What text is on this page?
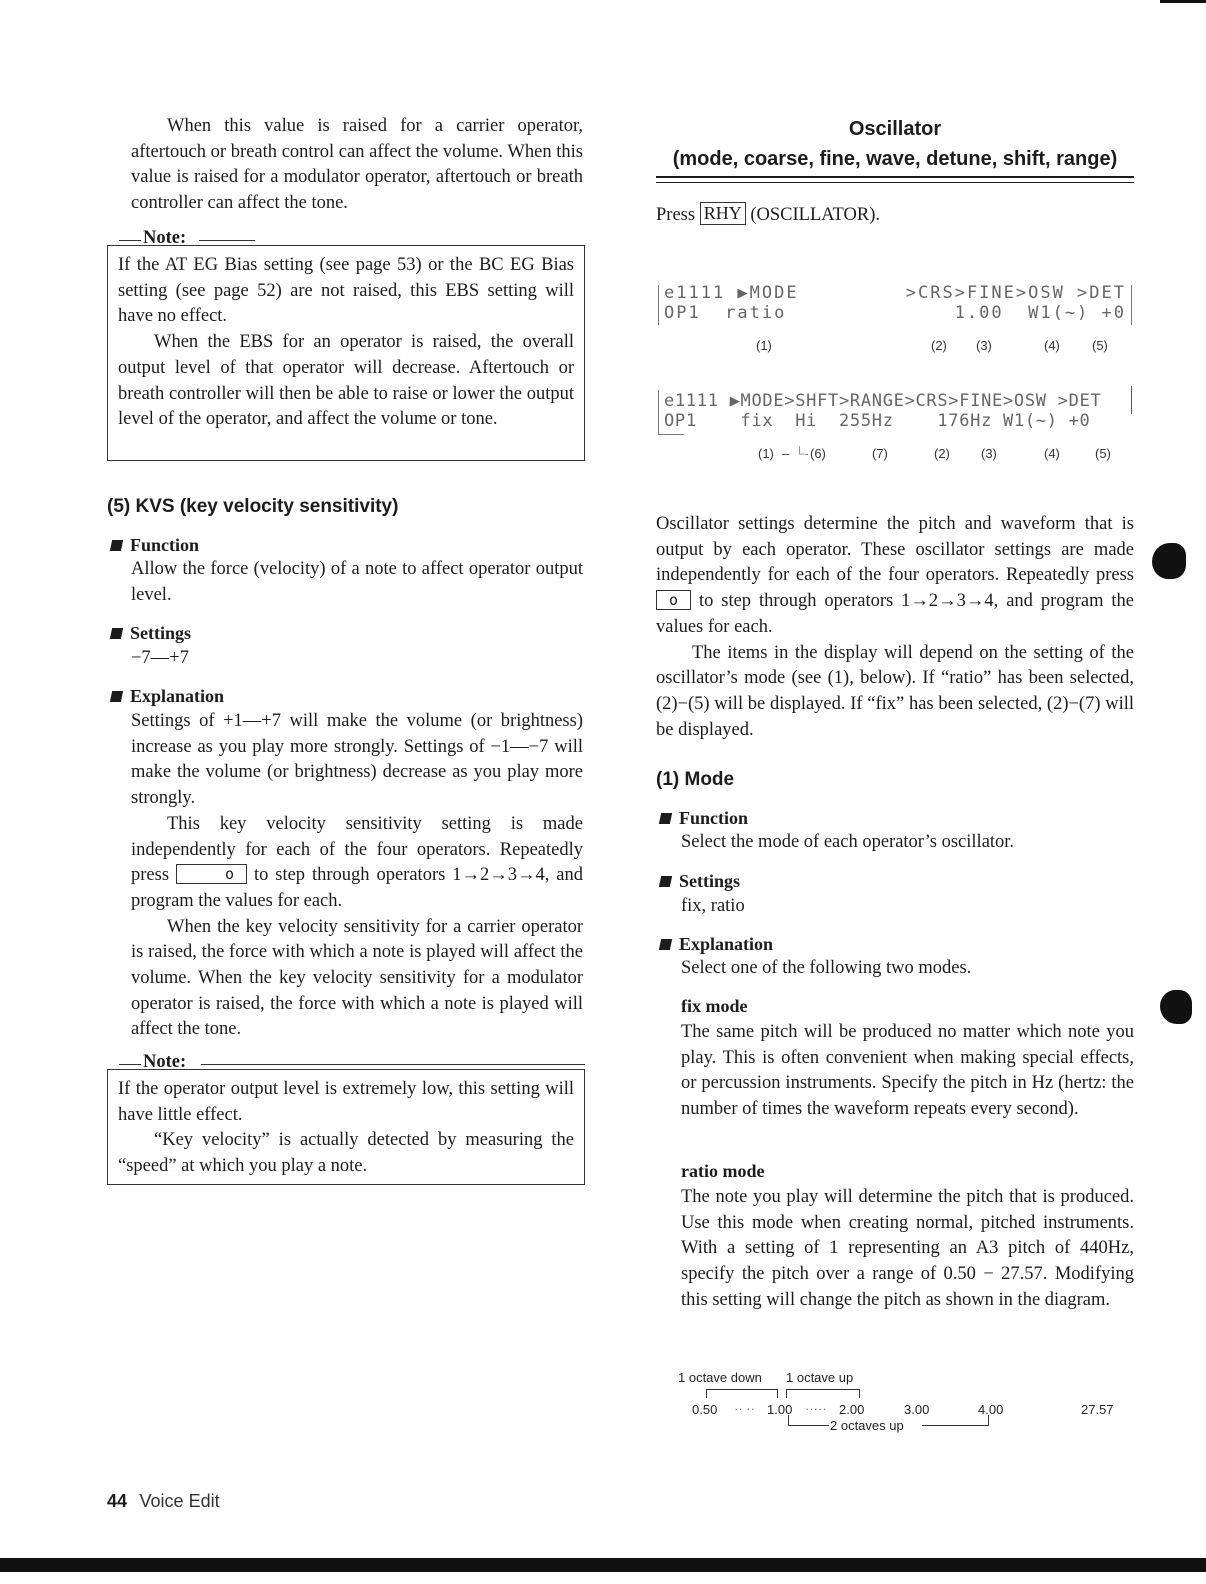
When this value is raised for a carrier operator, aftertouch or breath control can affect the volume. When this value is raised for a modulator operator, aftertouch or breath controller can affect the tone.

Note:

If the AT EG Bias setting (see page 53) or the BC EG Bias setting (see page 52) are not raised, this EBS setting will have no effect.

When the EBS for an operator is raised, the overall output level of that operator will decrease. Aftertouch or breath controller will then be able to raise or lower the output level of the operator, and affect the volume or tone.

(5) KVS (key velocity sensitivity)
Function

Allow the force (velocity) of a note to affect operator output level.

Settings

−7—+7

Explanation

Settings of +1—+7 will make the volume (or brightness) increase as you play more strongly. Settings of −1—−7 will make the volume (or brightness) decrease as you play more strongly.

This key velocity sensitivity setting is made independently for each of the four operators. Repeatedly press	o to step through operators 1→2→3→4, and program the values for each.

When the key velocity sensitivity for a carrier operator is raised, the force with which a note is played will affect the volume. When the key velocity sensitivity for a modulator operator is raised, the force with which a note is played will affect the tone.

Note:

If the operator output level is extremely low, this setting will have little effect.

“Key velocity” is actually detected by measuring the “speed” at which you play a note.

Oscillator
(mode, coarse, fine, wave, detune, shift, range)

Press RHY (OSCILLATOR).

e1111 ▶MODE	>CRS>FINE>OSW >DET
OP1  ratio	1.00  W1(~) +0
(1)	(2) (3)	(4) (5)
e1111 ▶MODE>SHFT>RANGE>CRS>FINE>OSW >DET
OP1    fix  Hi  255Hz    176Hz W1(~) +0
(1) – └- (6)	(7)	(2) (3)	(4)	(5)

Oscillator settings determine the pitch and waveform that is output by each operator. These oscillator settings are made independently for each of the four operators. Repeatedly press o to step through operators 1→2→3→4, and program the values for each.

The items in the display will depend on the setting of the oscillator’s mode (see (1), below). If “ratio” has been selected, (2)−(5) will be displayed. If “fix” has been selected, (2)−(7) will be displayed.

(1) Mode
Function

Select the mode of each operator’s oscillator.

Settings

fix, ratio

Explanation

Select one of the following two modes.

fix mode

The same pitch will be produced no matter which note you play. This is often convenient when making special effects, or percussion instruments. Specify the pitch in Hz (hertz: the number of times the waveform repeats every second).

ratio mode

The note you play will determine the pitch that is produced. Use this mode when creating normal, pitched instruments. With a setting of 1 representing an A3 pitch of 440Hz, specify the pitch over a range of 0.50 − 27.57. Modifying this setting will change the pitch as shown in the diagram.

1 octave down 1 octave up
0.50 ·· ·· 1.00 ····· 2.00	3.00	4.00	27.57
2 octaves up
44 Voice Edit
